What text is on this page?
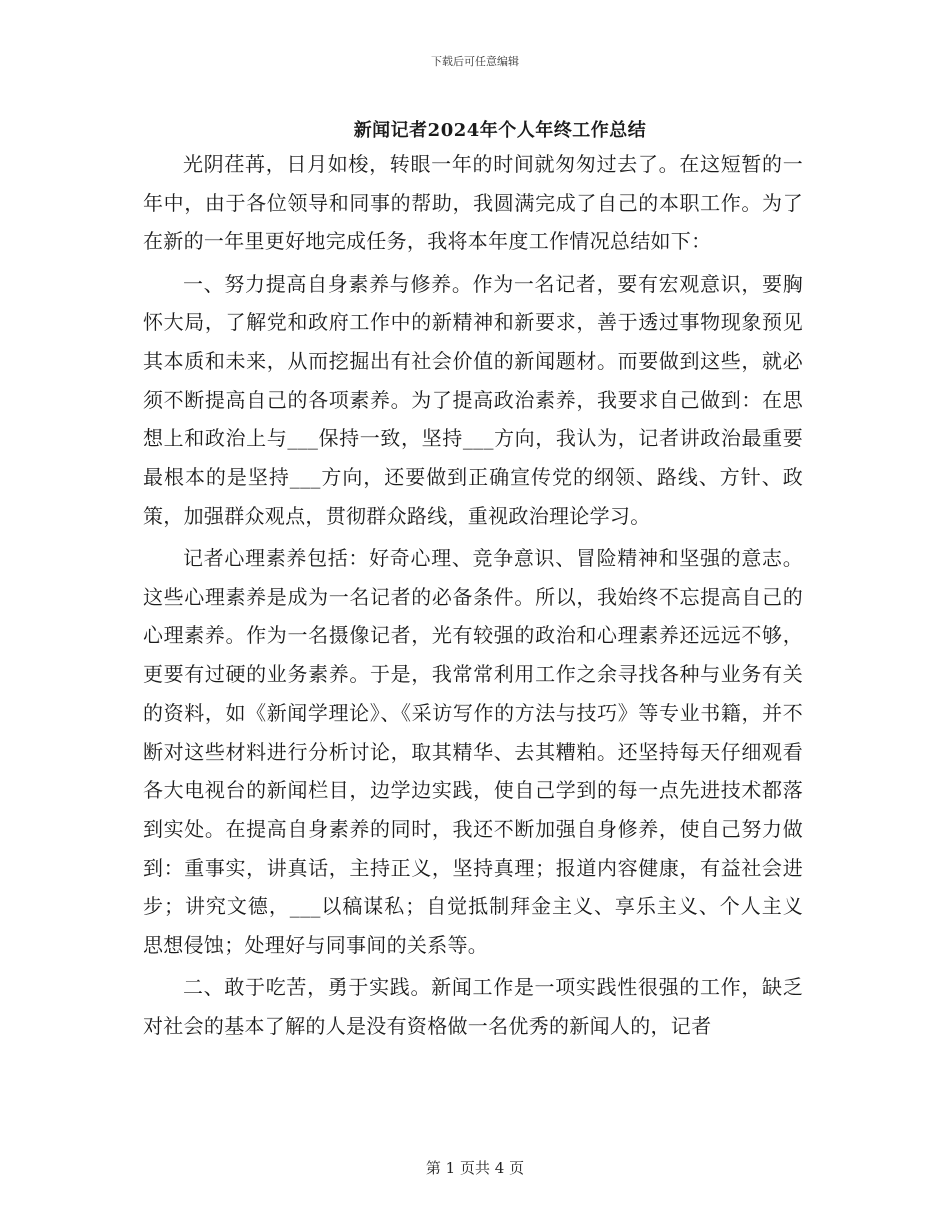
下载后可任意编辑
新闻记者2024年个人年终工作总结

光阴荏苒，日月如梭，转眼一年的时间就匆匆过去了。在这短暂的一年中，由于各位领导和同事的帮助，我圆满完成了自己的本职工作。为了在新的一年里更好地完成任务，我将本年度工作情况总结如下：

一、努力提高自身素养与修养。作为一名记者，要有宏观意识，要胸怀大局，了解党和政府工作中的新精神和新要求，善于透过事物现象预见其本质和未来，从而挖掘出有社会价值的新闻题材。而要做到这些，就必须不断提高自己的各项素养。为了提高政治素养，我要求自己做到：在思想上和政治上与___保持一致，坚持___方向，我认为，记者讲政治最重要最根本的是坚持___方向，还要做到正确宣传党的纲领、路线、方针、政策，加强群众观点，贯彻群众路线，重视政治理论学习。

记者心理素养包括：好奇心理、竞争意识、冒险精神和坚强的意志。这些心理素养是成为一名记者的必备条件。所以，我始终不忘提高自己的心理素养。作为一名摄像记者，光有较强的政治和心理素养还远远不够，更要有过硬的业务素养。于是，我常常利用工作之余寻找各种与业务有关的资料，如《新闻学理论》、《采访写作的方法与技巧》等专业书籍，并不断对这些材料进行分析讨论，取其精华、去其糟粕。还坚持每天仔细观看各大电视台的新闻栏目，边学边实践，使自己学到的每一点先进技术都落到实处。在提高自身素养的同时，我还不断加强自身修养，使自己努力做到：重事实，讲真话，主持正义，坚持真理；报道内容健康，有益社会进步；讲究文德，___以稿谋私；自觉抵制拜金主义、享乐主义、个人主义思想侵蚀；处理好与同事间的关系等。

二、敢于吃苦，勇于实践。新闻工作是一项实践性很强的工作，缺乏对社会的基本了解的人是没有资格做一名优秀的新闻人的，记者

第 1 页共 4 页
